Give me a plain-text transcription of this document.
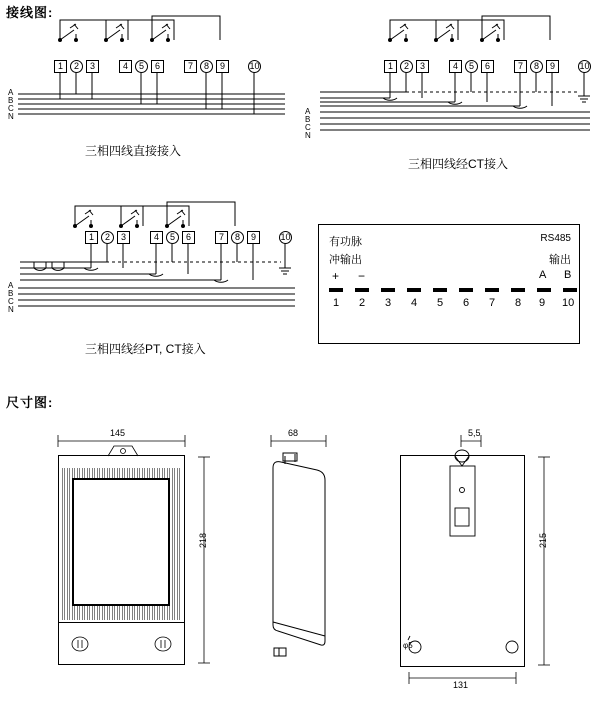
接线图:
1	2	3	4	5	6	7	8	9	10
A
B
C
N
三相四线直接接入
1	2	3	4	5	6	7	8	9	10
A
B
C
N
三相四线经CT接入
1	2	3	4	5	6	7	8	9	10
A
B
C
N
三相四线经PT, CT接入
有功脉
冲输出
RS485
输出
+ −	A B
1 2 3 4 5 6 7 8 9 10
尺寸图:
145
218
68	5,5
φ5
215
131
